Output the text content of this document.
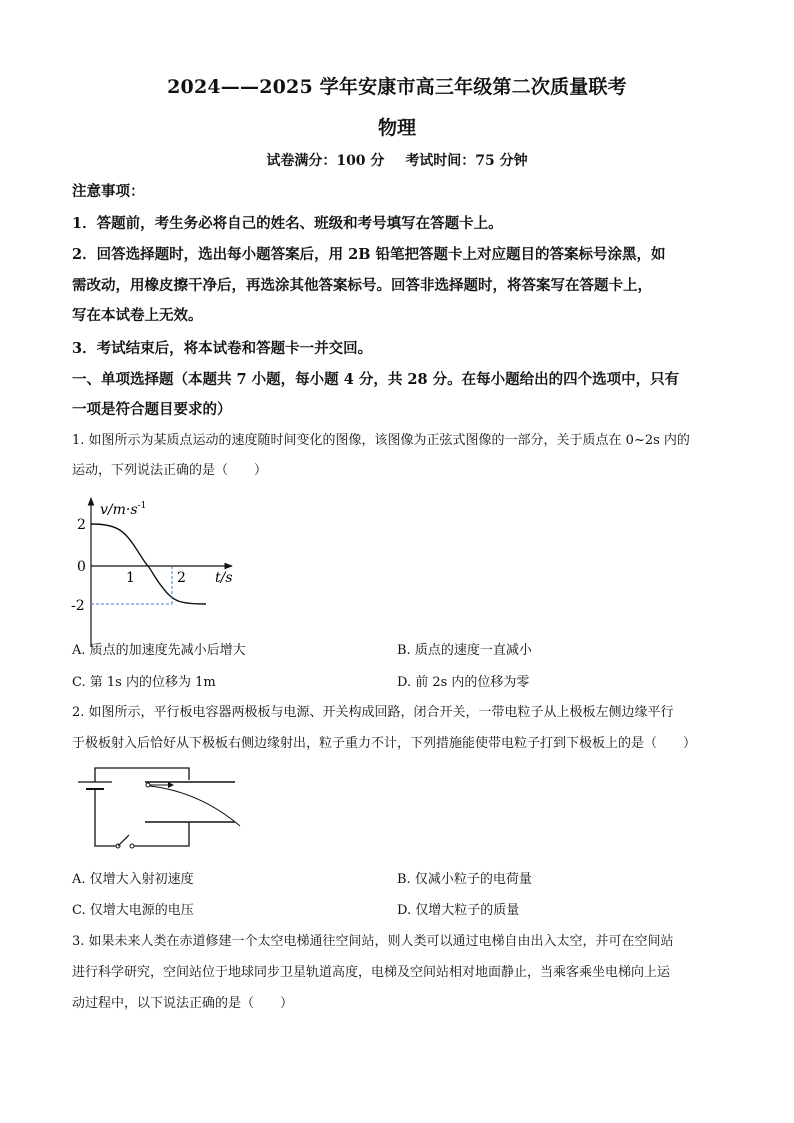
2024——2025 学年安康市高三年级第二次质量联考
物理
试卷满分：100 分 考试时间：75 分钟
注意事项：
1．答题前，考生务必将自己的姓名、班级和考号填写在答题卡上。
2．回答选择题时，选出每小题答案后，用 2B 铅笔把答题卡上对应题目的答案标号涂黑，如
需改动，用橡皮擦干净后，再选涂其他答案标号。回答非选择题时，将答案写在答题卡上，
写在本试卷上无效。
3．考试结束后，将本试卷和答题卡一并交回。
一、单项选择题（本题共 7 小题，每小题 4 分，共 28 分。在每小题给出的四个选项中，只有
一项是符合题目要求的）
1. 如图所示为某质点运动的速度随时间变化的图像，该图像为正弦式图像的一部分，关于质点在 0~2s 内的
运动，下列说法正确的是（　　）
$v/m\cdot s^{-1}$
t/s
2
0
-2
1	2
A. 质点的加速度先减小后增大	B. 质点的速度一直减小
C. 第 1s 内的位移为 1m	D. 前 2s 内的位移为零
2. 如图所示，平行板电容器两极板与电源、开关构成回路，闭合开关，一带电粒子从上极板左侧边缘平行
于极板射入后恰好从下极板右侧边缘射出，粒子重力不计，下列措施能使带电粒子打到下极板上的是（　　）
A. 仅增大入射初速度	B. 仅减小粒子的电荷量
C. 仅增大电源的电压	D. 仅增大粒子的质量
3. 如果未来人类在赤道修建一个太空电梯通往空间站，则人类可以通过电梯自由出入太空，并可在空间站
进行科学研究，空间站位于地球同步卫星轨道高度，电梯及空间站相对地面静止，当乘客乘坐电梯向上运
动过程中，以下说法正确的是（　　）
